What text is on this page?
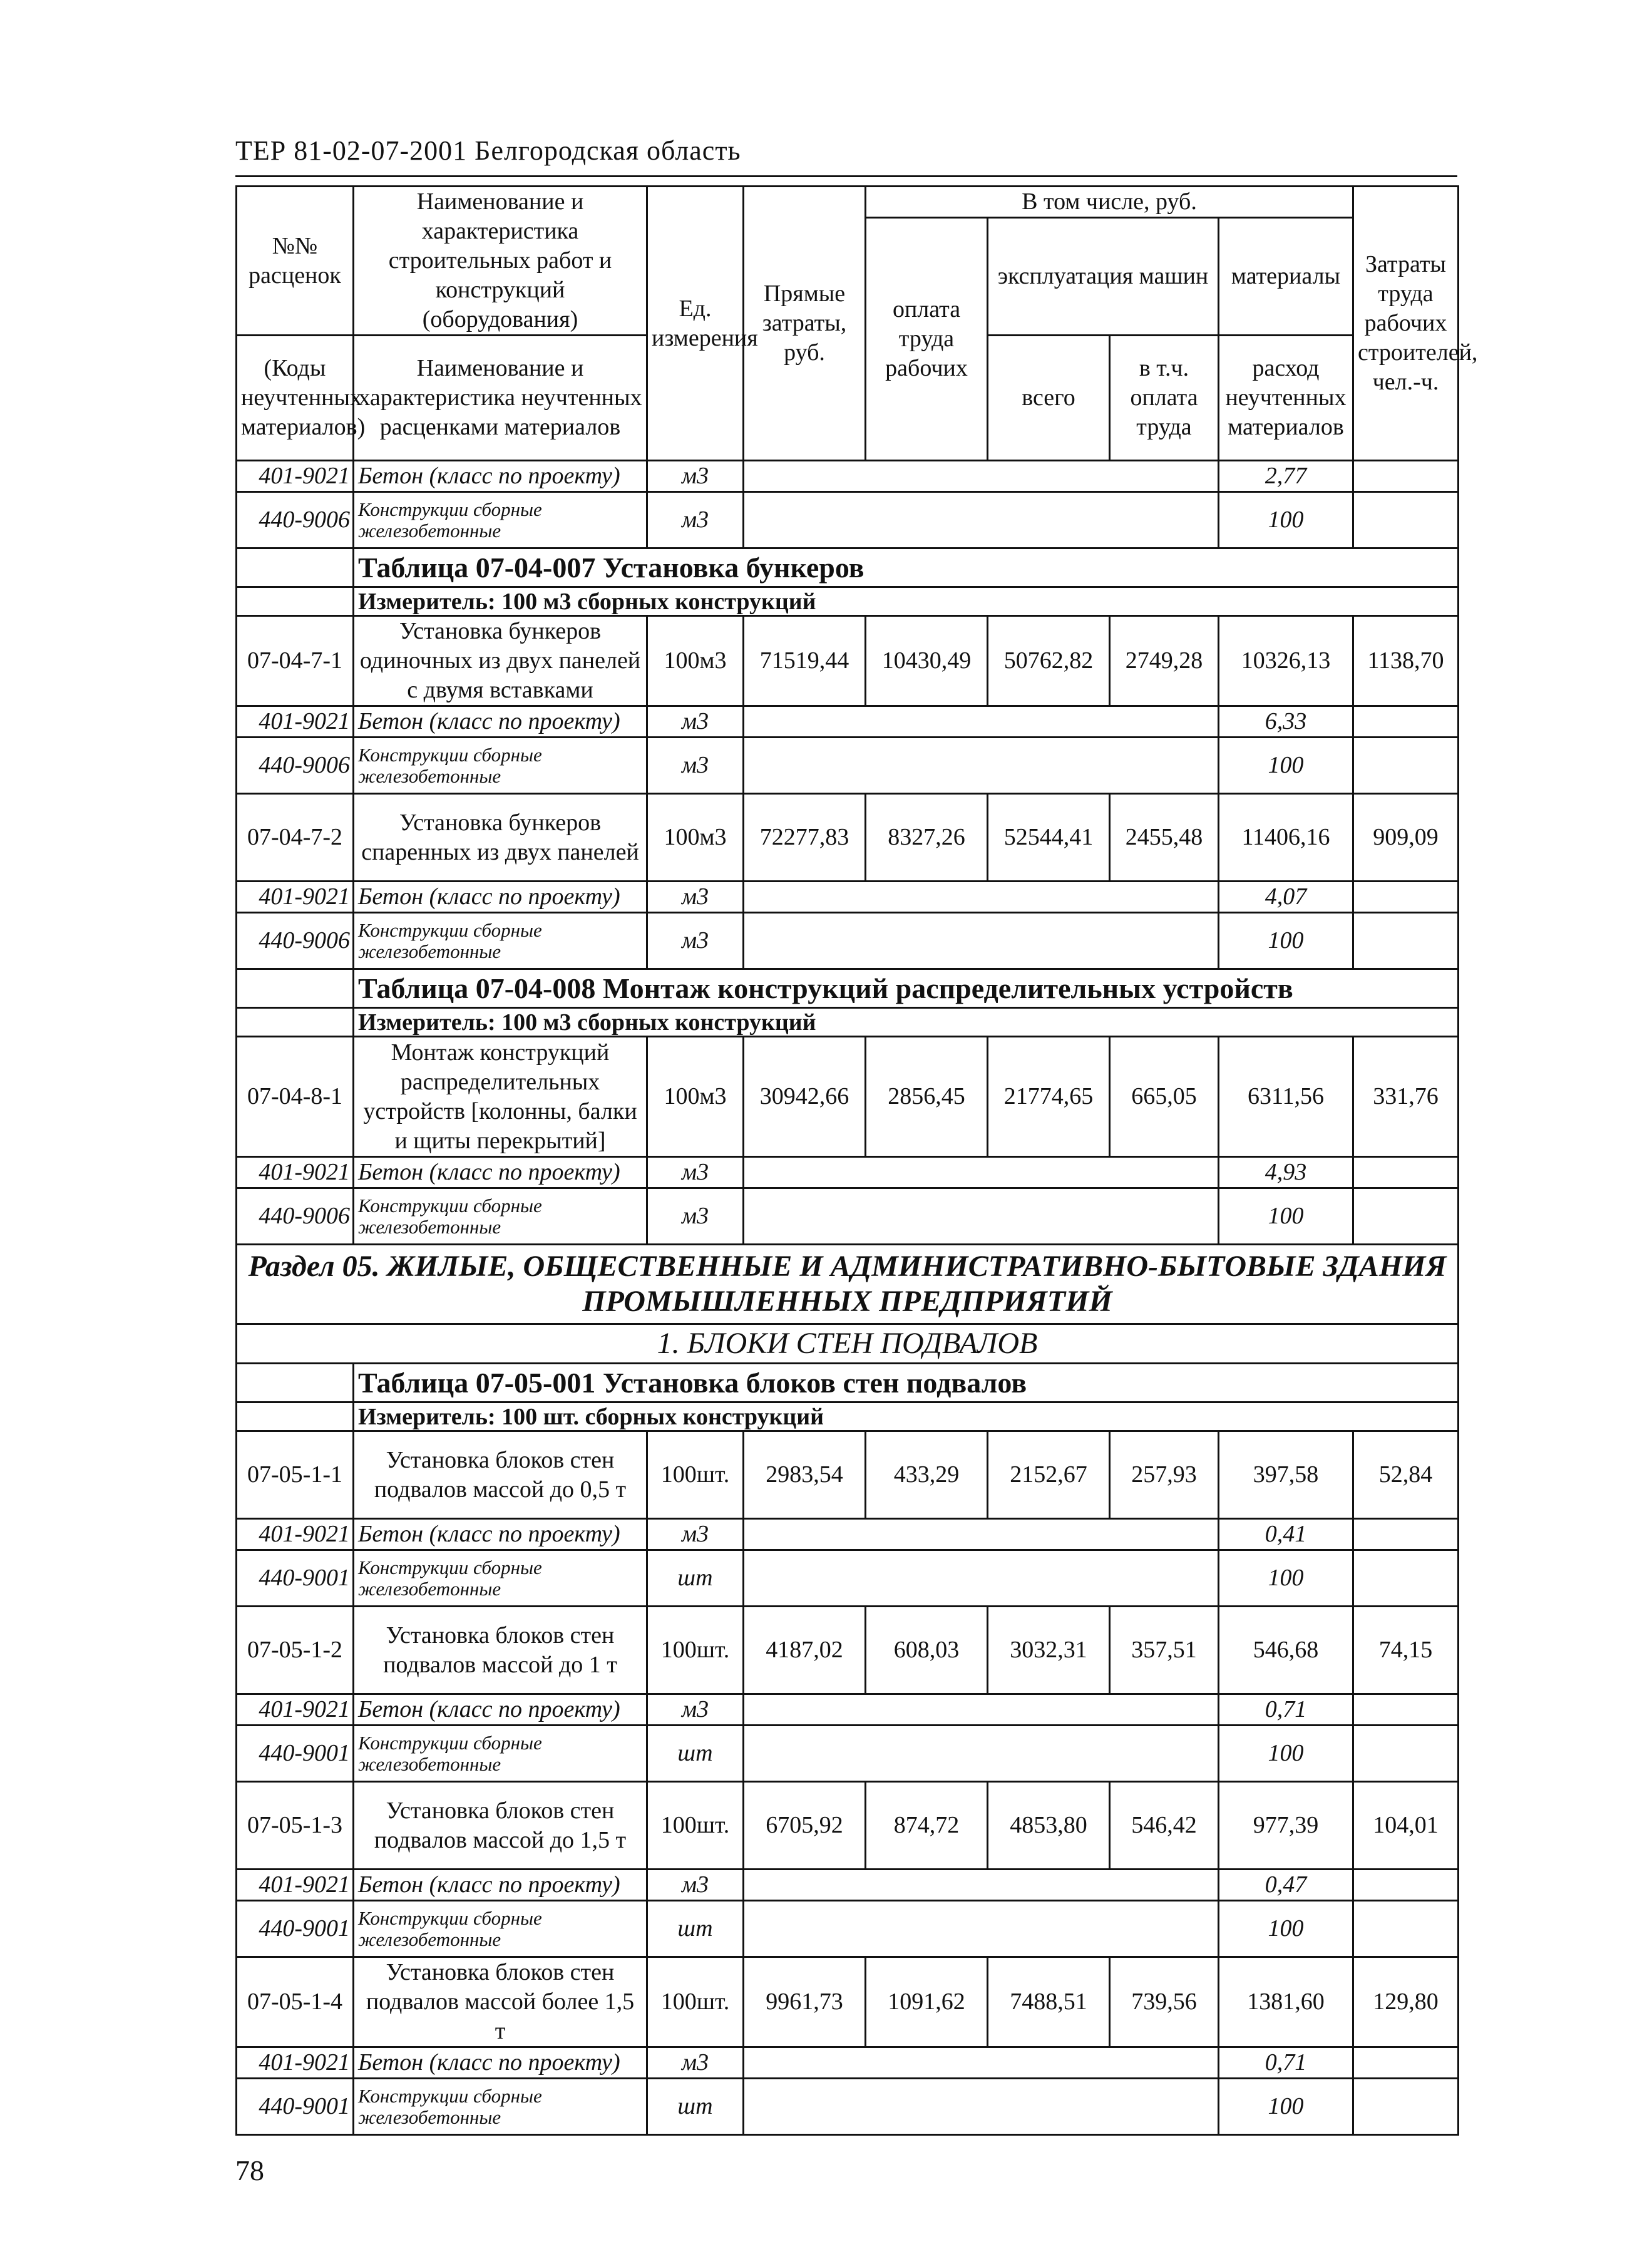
ТЕР 81-02-07-2001 Белгородская область
№№ расценок	Наименование и характеристика строительных работ и конструкций (оборудования)	Ед. измерения	Прямые затраты, руб.	В том числе, руб.				Затраты труда рабочих строителей, чел.-ч.
				оплата труда рабочих	эксплуатация машин		материалы	
(Коды неучтенных материалов)	Наименование и характеристика неучтенных расценками материалов				всего	в т.ч. оплата труда	расход неучтенных материалов	

401-9021	Бетон (класс по проекту)	м3					2,77	
440-9006	Конструкции сборные железобетонные	м3					100	
	Таблица 07-04-007 Установка бункеров							
	Измеритель: 100 м3 сборных конструкций							
07-04-7-1	Установка бункеров одиночных из двух панелей с двумя вставками	100м3	71519,44	10430,49	50762,82	2749,28	10326,13	1138,70
401-9021	Бетон (класс по проекту)	м3					6,33	
440-9006	Конструкции сборные железобетонные	м3					100	
07-04-7-2	Установка бункеров спаренных из двух панелей	100м3	72277,83	8327,26	52544,41	2455,48	11406,16	909,09
401-9021	Бетон (класс по проекту)	м3					4,07	
440-9006	Конструкции сборные железобетонные	м3					100	
	Таблица 07-04-008 Монтаж конструкций распределительных устройств							
	Измеритель: 100 м3 сборных конструкций							
07-04-8-1	Монтаж конструкций распределительных устройств [колонны, балки и щиты перекрытий]	100м3	30942,66	2856,45	21774,65	665,05	6311,56	331,76
401-9021	Бетон (класс по проекту)	м3					4,93	
440-9006	Конструкции сборные железобетонные	м3					100	
Раздел 05. ЖИЛЫЕ, ОБЩЕСТВЕННЫЕ И АДМИНИСТРАТИВНО-БЫТОВЫЕ ЗДАНИЯ ПРОМЫШЛЕННЫХ ПРЕДПРИЯТИЙ								
1. БЛОКИ СТЕН ПОДВАЛОВ								
	Таблица 07-05-001 Установка блоков стен подвалов							
	Измеритель: 100 шт. сборных конструкций							
07-05-1-1	Установка блоков стен подвалов массой до 0,5 т	100шт.	2983,54	433,29	2152,67	257,93	397,58	52,84
401-9021	Бетон (класс по проекту)	м3					0,41	
440-9001	Конструкции сборные железобетонные	шт					100	
07-05-1-2	Установка блоков стен подвалов массой до 1 т	100шт.	4187,02	608,03	3032,31	357,51	546,68	74,15
401-9021	Бетон (класс по проекту)	м3					0,71	
440-9001	Конструкции сборные железобетонные	шт					100	
07-05-1-3	Установка блоков стен подвалов массой до 1,5 т	100шт.	6705,92	874,72	4853,80	546,42	977,39	104,01
401-9021	Бетон (класс по проекту)	м3					0,47	
440-9001	Конструкции сборные железобетонные	шт					100	
07-05-1-4	Установка блоков стен подвалов массой более 1,5 т	100шт.	9961,73	1091,62	7488,51	739,56	1381,60	129,80
401-9021	Бетон (класс по проекту)	м3					0,71	
440-9001	Конструкции сборные железобетонные	шт					100	
78
